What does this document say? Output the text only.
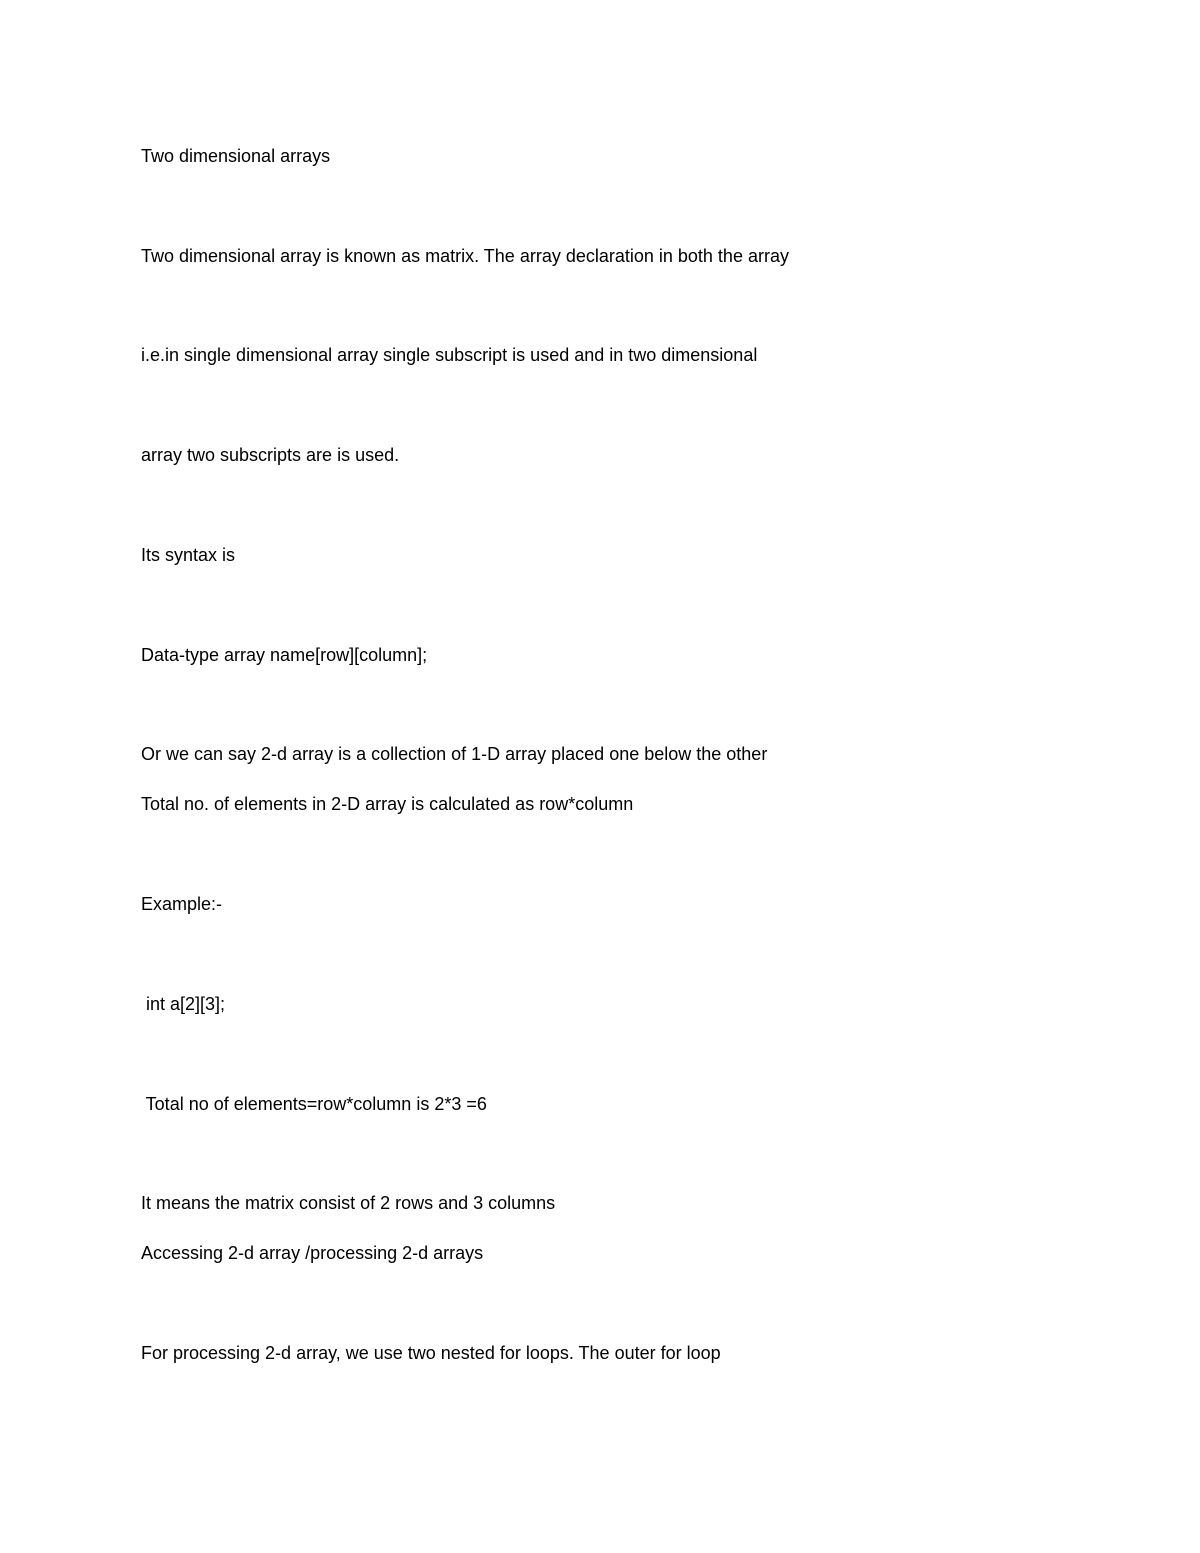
Two dimensional arrays

Two dimensional array is known as matrix. The array declaration in both the array

i.e.in single dimensional array single subscript is used and in two dimensional

array two subscripts are is used.

Its syntax is

Data-type array name[row][column];

Or we can say 2-d array is a collection of 1-D array placed one below the other

Total no. of elements in 2-D array is calculated as row*column

Example:-

int a[2][3];

Total no of elements=row*column is 2*3 =6

It means the matrix consist of 2 rows and 3 columns

Accessing 2-d array /processing 2-d arrays

For processing 2-d array, we use two nested for loops. The outer for loop
